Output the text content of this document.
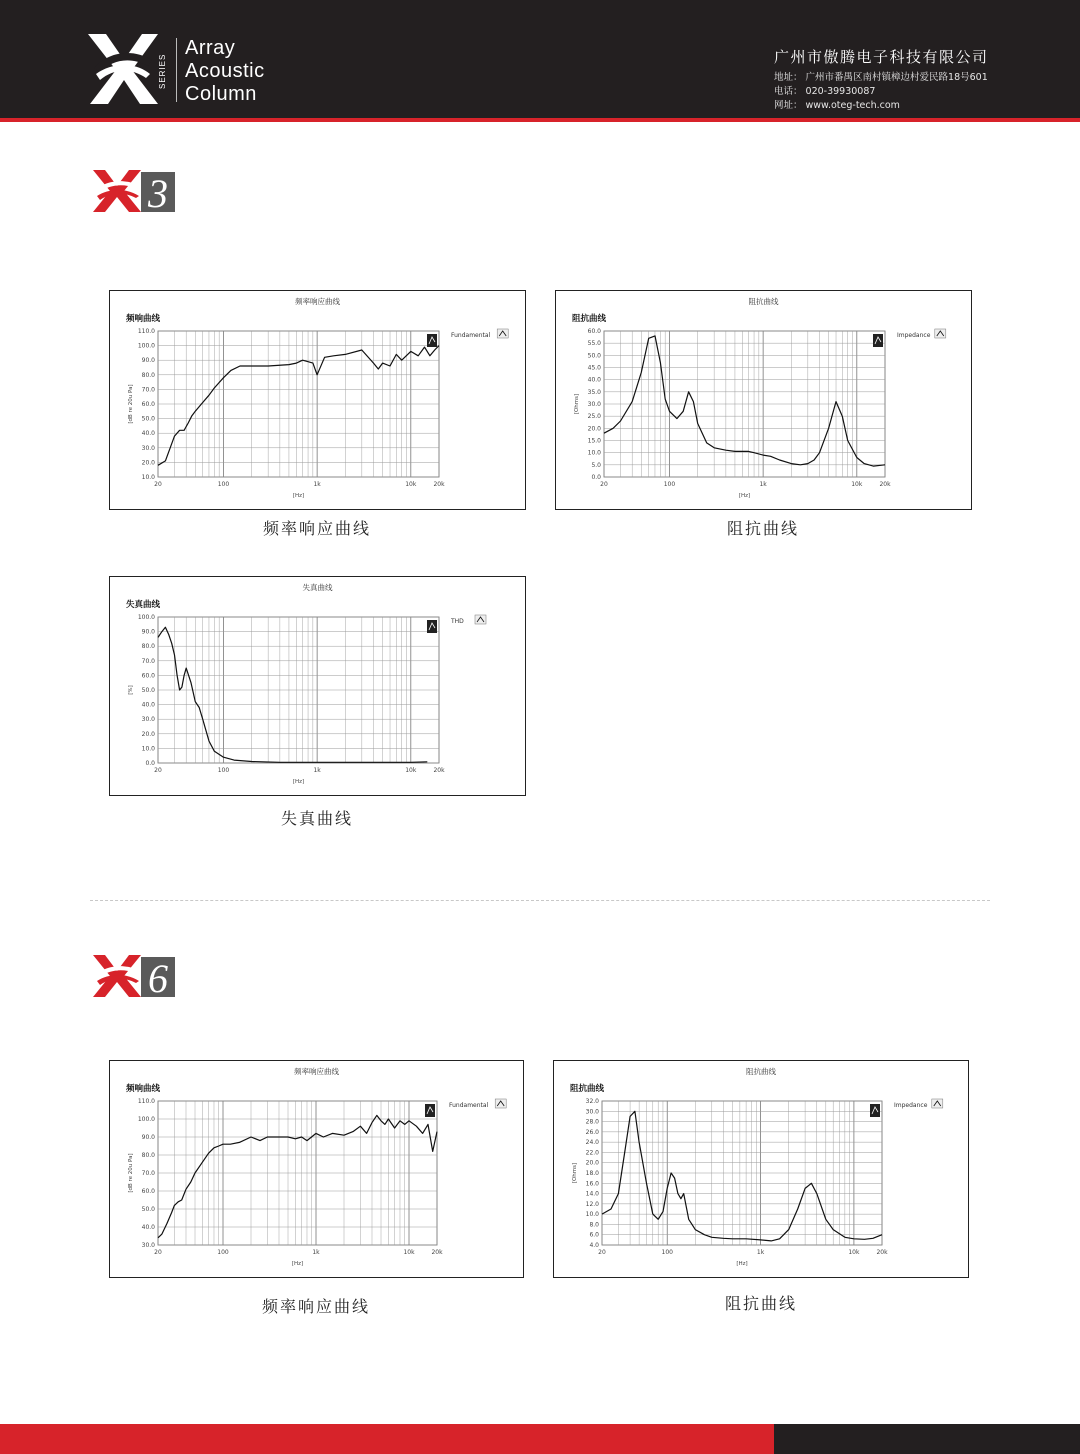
SERIES
Array
Acoustic
Column
广州市傲腾电子科技有限公司
地址： 广州市番禺区南村镇樟边村爱民路18号601
电话： 020-39930087
网址： www.oteg-tech.com
3
频率响应曲线
频响曲线
10.0
20.0
30.0
40.0
50.0
60.0
70.0
80.0
90.0
100.0
110.0
20	100	1k	10k	20k
[Hz]
[dB re 20u Pa]
Fundamental
频率响应曲线
阻抗曲线
阻抗曲线
0.0
5.0
10.0
15.0
20.0
25.0
30.0
35.0
40.0
45.0
50.0
55.0
60.0
20	100	1k	10k	20k
[Hz]
[Ohms]
Impedance
阻抗曲线
失真曲线
失真曲线
0.0
10.0
20.0
30.0
40.0
50.0
60.0
70.0
80.0
90.0
100.0
20	100	1k	10k	20k
[Hz]
[%]
THD
失真曲线
6
频率响应曲线
频响曲线
30.0
40.0
50.0
60.0
70.0
80.0
90.0
100.0
110.0
20	100	1k	10k	20k
[Hz]
[dB re 20u Pa]
Fundamental
频率响应曲线
阻抗曲线
阻抗曲线
4.0
6.0
8.0
10.0
12.0
14.0
16.0
18.0
20.0
22.0
24.0
26.0
28.0
30.0
32.0
20	100	1k	10k	20k
[Hz]
[Ohms]
Impedance
阻抗曲线
